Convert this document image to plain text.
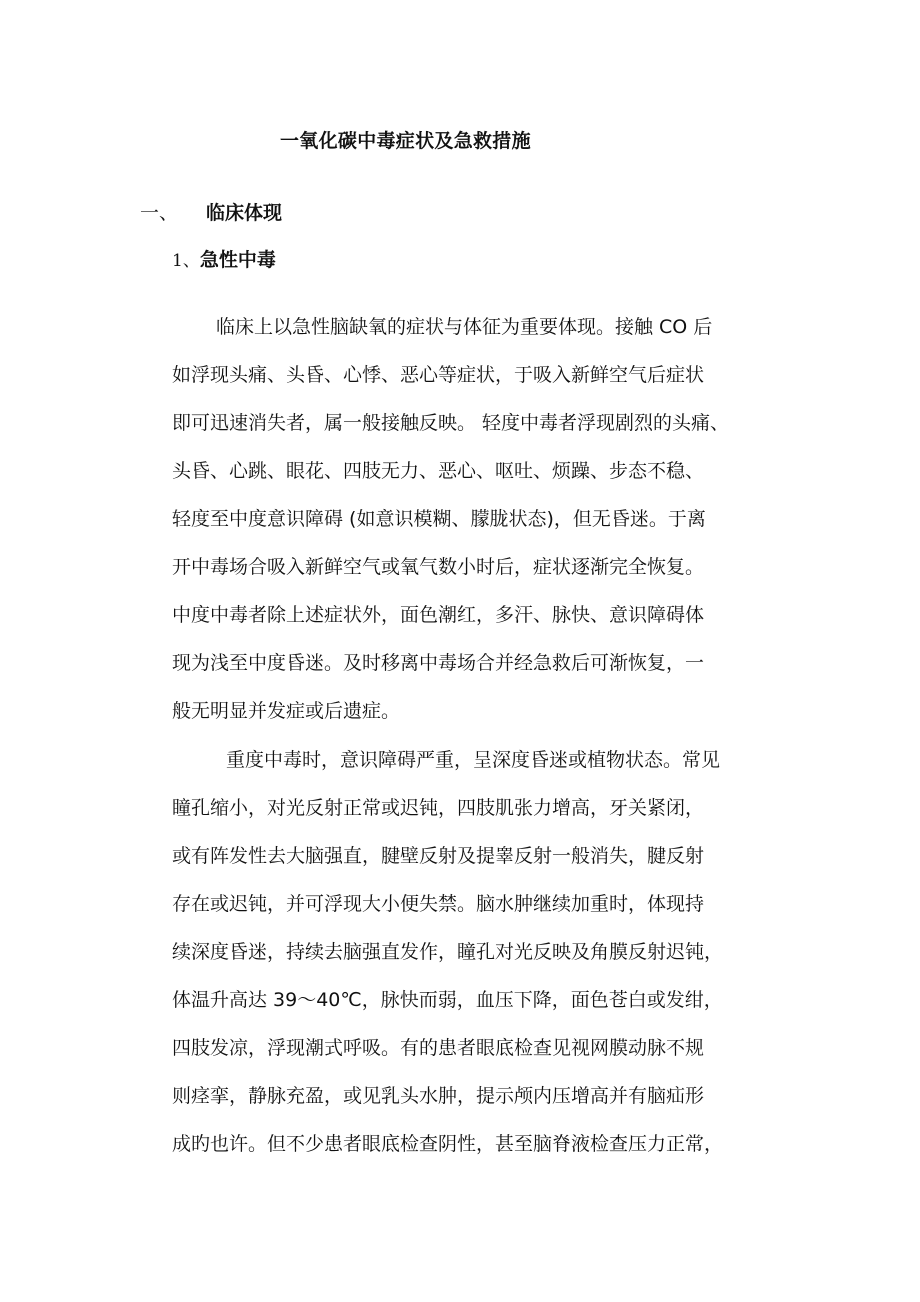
一氧化碳中毒症状及急救措施
一、 临床体现
1、急性中毒
临床上以急性脑缺氧的症状与体征为重要体现。接触 CO 后
如浮现头痛、头昏、心悸、恶心等症状，于吸入新鲜空气后症状
即可迅速消失者，属一般接触反映。 轻度中毒者浮现剧烈的头痛、
头昏、心跳、眼花、四肢无力、恶心、呕吐、烦躁、步态不稳、
轻度至中度意识障碍 (如意识模糊、朦胧状态)，但无昏迷。于离
开中毒场合吸入新鲜空气或氧气数小时后，症状逐渐完全恢复。
中度中毒者除上述症状外，面色潮红，多汗、脉快、意识障碍体
现为浅至中度昏迷。及时移离中毒场合并经急救后可渐恢复，一
般无明显并发症或后遗症。
重度中毒时，意识障碍严重，呈深度昏迷或植物状态。常见
瞳孔缩小，对光反射正常或迟钝，四肢肌张力增高，牙关紧闭，
或有阵发性去大脑强直，腱壁反射及提睾反射一般消失，腱反射
存在或迟钝，并可浮现大小便失禁。脑水肿继续加重时，体现持
续深度昏迷，持续去脑强直发作，瞳孔对光反映及角膜反射迟钝，
体温升高达 39～40℃，脉快而弱，血压下降，面色苍白或发绀，
四肢发凉，浮现潮式呼吸。有的患者眼底检查见视网膜动脉不规
则痉挛，静脉充盈，或见乳头水肿，提示颅内压增高并有脑疝形
成旳也许。但不少患者眼底检查阴性，甚至脑脊液检查压力正常，
